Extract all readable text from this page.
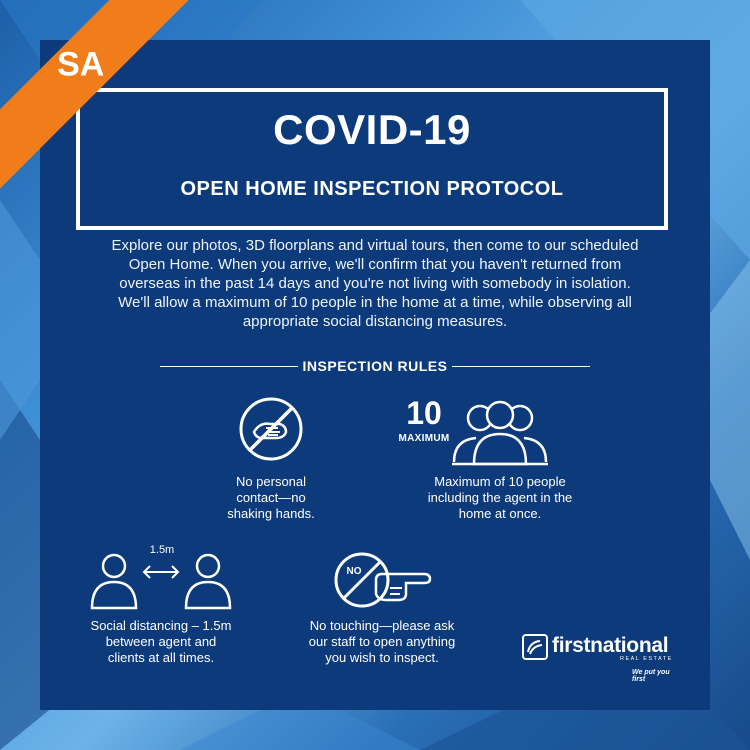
COVID-19
OPEN HOME INSPECTION PROTOCOL
Explore our photos, 3D floorplans and virtual tours, then come to our scheduled
Open Home. When you arrive, we'll confirm that you haven't returned from
overseas in the past 14 days and you're not living with somebody in isolation.
We'll allow a maximum of 10 people in the home at a time, while observing all
appropriate social distancing measures.
INSPECTION RULES
No personal
contact—no
shaking hands.
10
MAXIMUM
Maximum of 10 people
including the agent in the
home at once.
1.5m
Social distancing – 1.5m
between agent and
clients at all times.
NO
No touching—please ask
our staff to open anything
you wish to inspect.
firstnational
REAL ESTATE
We put you first
SA
